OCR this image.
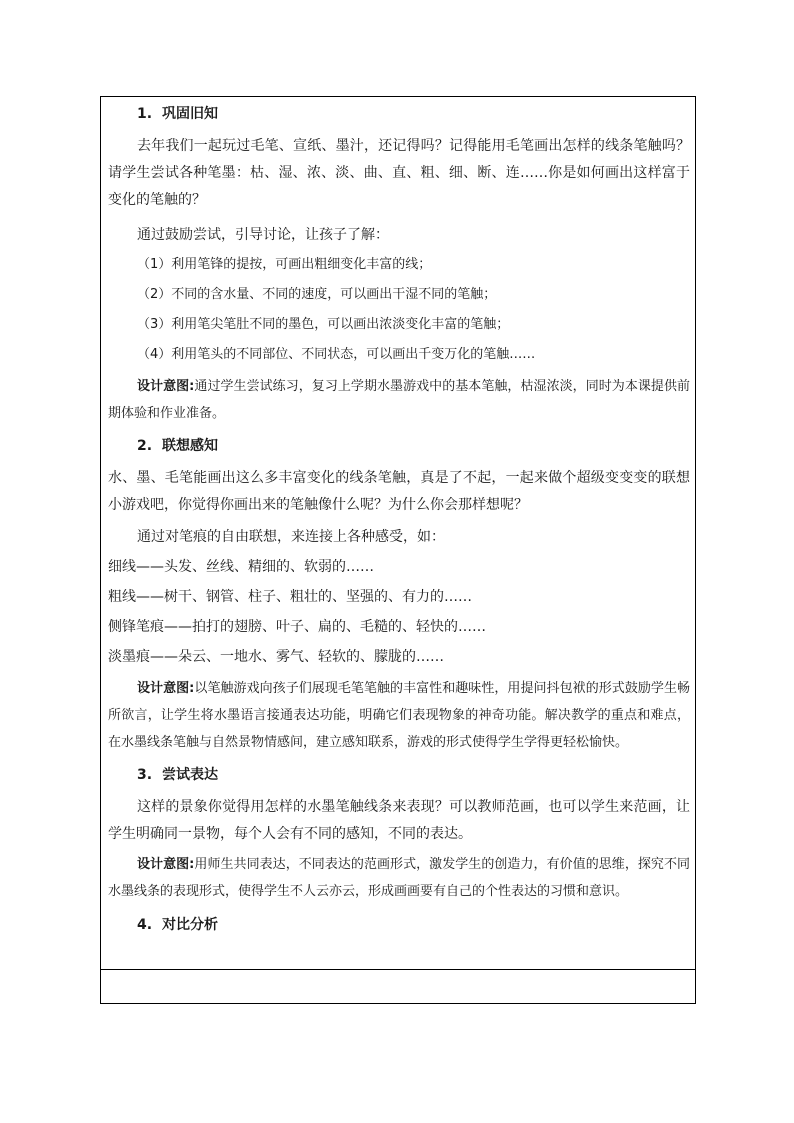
1. 巩固旧知
去年我们一起玩过毛笔、宣纸、墨汁，还记得吗？记得能用毛笔画出怎样的线条笔触吗？请学生尝试各种笔墨：枯、湿、浓、淡、曲、直、粗、细、断、连……你是如何画出这样富于变化的笔触的？
通过鼓励尝试，引导讨论，让孩子了解：
（1）利用笔锋的提按，可画出粗细变化丰富的线；
（2）不同的含水量、不同的速度，可以画出干湿不同的笔触；
（3）利用笔尖笔肚不同的墨色，可以画出浓淡变化丰富的笔触；
（4）利用笔头的不同部位、不同状态，可以画出千变万化的笔触……
设计意图:通过学生尝试练习，复习上学期水墨游戏中的基本笔触，枯湿浓淡，同时为本课提供前期体验和作业准备。
2. 联想感知
水、墨、毛笔能画出这么多丰富变化的线条笔触，真是了不起，一起来做个超级变变变的联想小游戏吧，你觉得你画出来的笔触像什么呢？为什么你会那样想呢？
通过对笔痕的自由联想，来连接上各种感受，如：
细线——头发、丝线、精细的、软弱的……
粗线——树干、钢管、柱子、粗壮的、坚强的、有力的……
侧锋笔痕——拍打的翅膀、叶子、扁的、毛糙的、轻快的……
淡墨痕——朵云、一地水、雾气、轻软的、朦胧的……
设计意图:以笔触游戏向孩子们展现毛笔笔触的丰富性和趣味性，用提问抖包袱的形式鼓励学生畅所欲言，让学生将水墨语言接通表达功能，明确它们表现物象的神奇功能。解决教学的重点和难点，在水墨线条笔触与自然景物情感间，建立感知联系，游戏的形式使得学生学得更轻松愉快。
3. 尝试表达
这样的景象你觉得用怎样的水墨笔触线条来表现？可以教师范画，也可以学生来范画，让学生明确同一景物，每个人会有不同的感知，不同的表达。
设计意图:用师生共同表达，不同表达的范画形式，激发学生的创造力，有价值的思维，探究不同水墨线条的表现形式，使得学生不人云亦云，形成画画要有自己的个性表达的习惯和意识。
4. 对比分析
